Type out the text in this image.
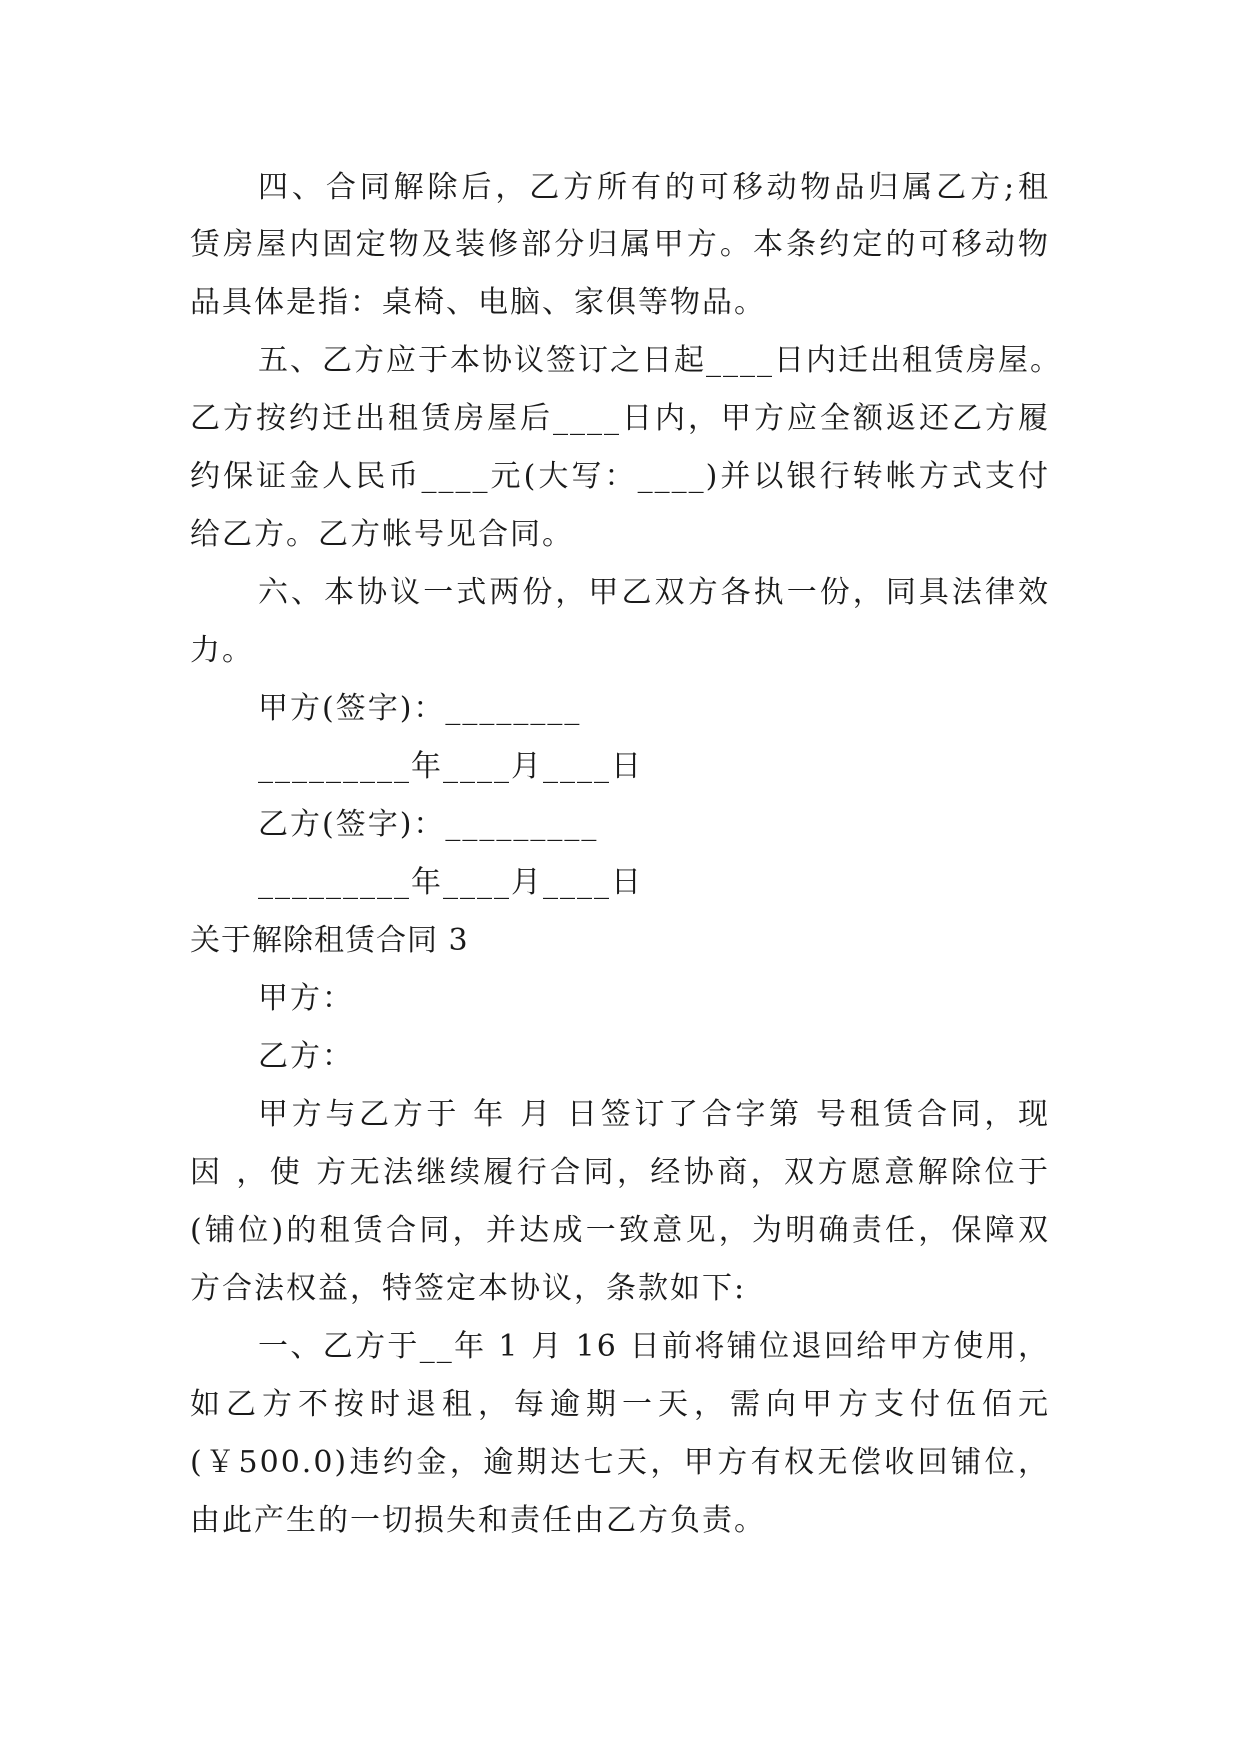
四、合同解除后，乙方所有的可移动物品归属乙方;租
赁房屋内固定物及装修部分归属甲方。本条约定的可移动物
品具体是指：桌椅、电脑、家俱等物品。
五、乙方应于本协议签订之日起____日内迁出租赁房屋。
乙方按约迁出租赁房屋后____日内，甲方应全额返还乙方履
约保证金人民币____元(大写：____)并以银行转帐方式支付
给乙方。乙方帐号见合同。
六、本协议一式两份，甲乙双方各执一份，同具法律效
力。
甲方(签字)：________
_________年____月____日
乙方(签字)：_________
_________年____月____日
关于解除租赁合同 3
甲方：
乙方：
甲方与乙方于 年 月 日签订了合字第 号租赁合同，现
因 ，使 方无法继续履行合同，经协商，双方愿意解除位于
(铺位)的租赁合同，并达成一致意见，为明确责任，保障双
方合法权益，特签定本协议，条款如下:
一、乙方于__年 1 月 16 日前将铺位退回给甲方使用，
如乙方不按时退租，每逾期一天，需向甲方支付伍佰元
(￥500.0)违约金，逾期达七天，甲方有权无偿收回铺位，
由此产生的一切损失和责任由乙方负责。
